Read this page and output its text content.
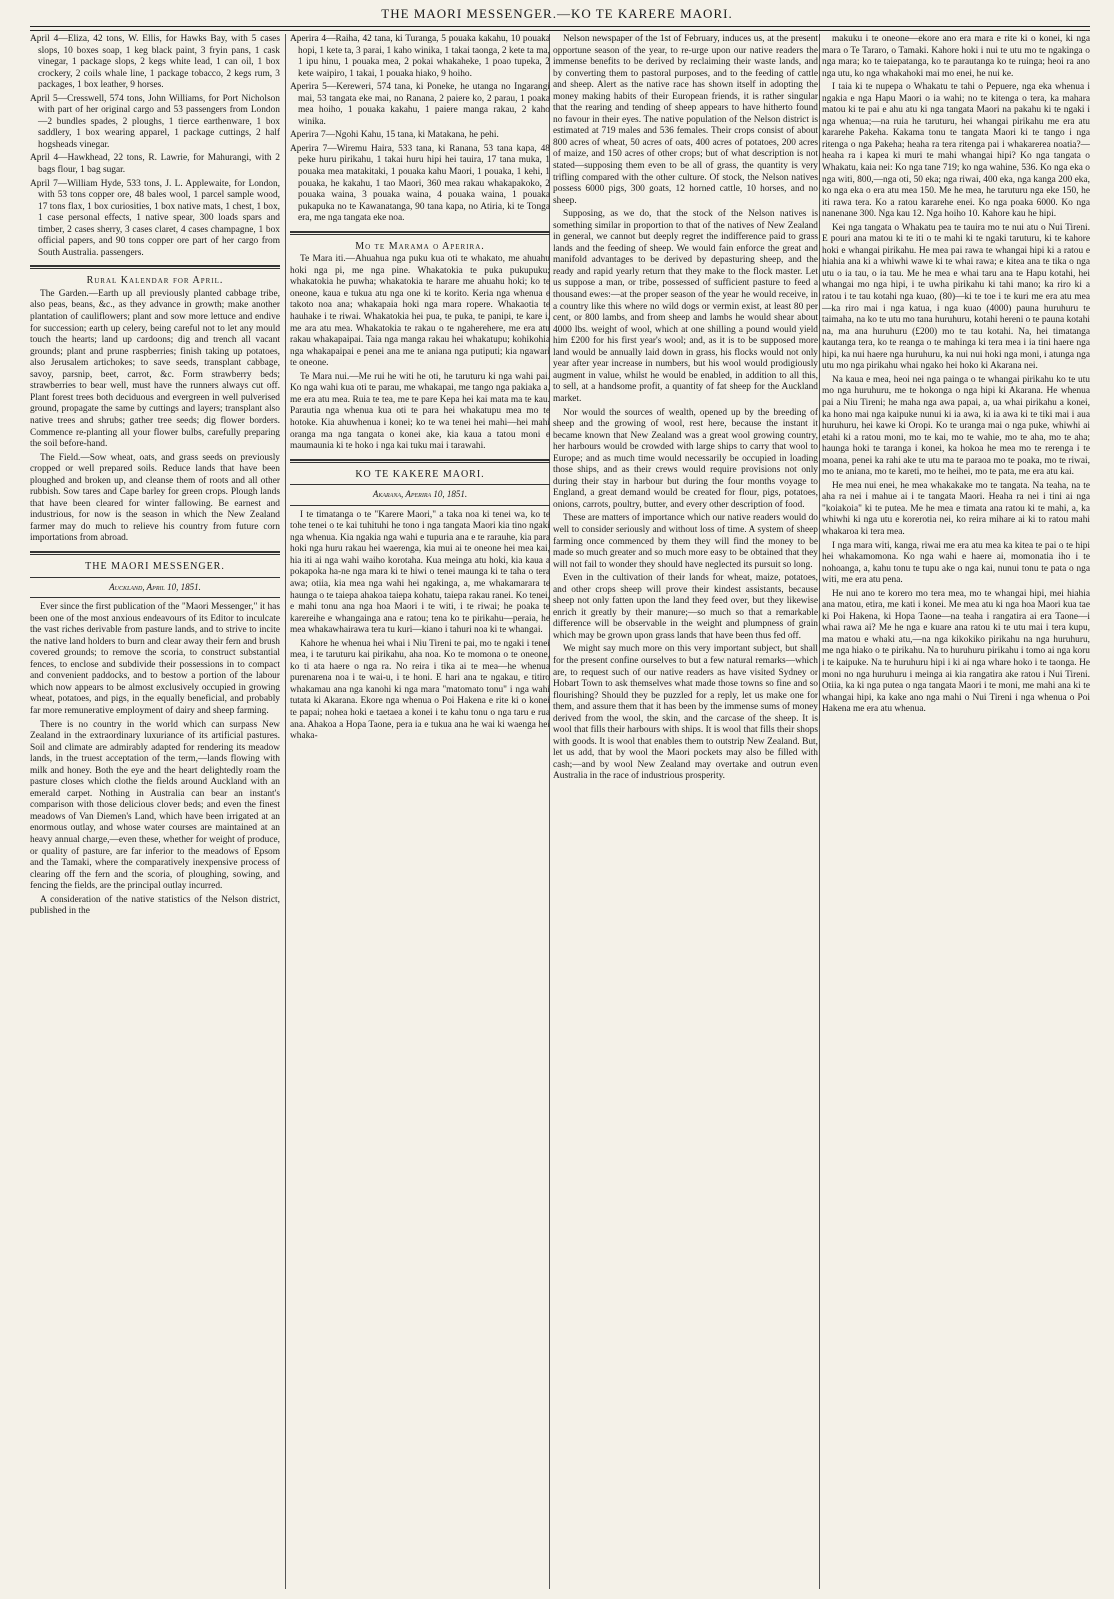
THE MAORI MESSENGER.—KO TE KARERE MAORI.

April 4—Eliza, 42 tons, W. Ellis, for Hawks Bay, with 5 cases slops, 10 boxes soap, 1 keg black paint, 3 fryin pans, 1 cask vinegar, 1 package slops, 2 kegs white lead, 1 can oil, 1 box crockery, 2 coils whale line, 1 package tobacco, 2 kegs rum, 3 packages, 1 box leather, 9 horses.

April 5—Cresswell, 574 tons, John Williams, for Port Nicholson with part of her original cargo and 53 passengers from London—2 bundles spades, 2 ploughs, 1 tierce earthenware, 1 box saddlery, 1 box wearing apparel, 1 package cuttings, 2 half hogsheads vinegar.

April 4—Hawkhead, 22 tons, R. Lawrie, for Mahurangi, with 2 bags flour, 1 bag sugar.

April 7—William Hyde, 533 tons, J. L. Applewaite, for London, with 53 tons copper ore, 48 bales wool, 1 parcel sample wood, 17 tons flax, 1 box curiosities, 1 box native mats, 1 chest, 1 box, 1 case personal effects, 1 native spear, 300 loads spars and timber, 2 cases sherry, 3 cases claret, 4 cases champagne, 1 box official papers, and 90 tons copper ore part of her cargo from South Australia. passengers.

Rural Kalendar for April.

The Garden.—Earth up all previously planted cabbage tribe, also peas, beans, &c., as they advance in growth; make another plantation of cauliflowers; plant and sow more lettuce and endive for succession; earth up celery, being careful not to let any mould touch the hearts; land up cardoons; dig and trench all vacant grounds; plant and prune raspberries; finish taking up potatoes, also Jerusalem artichokes; to save seeds, transplant cabbage, savoy, parsnip, beet, carrot, &c. Form strawberry beds; strawberries to bear well, must have the runners always cut off. Plant forest trees both deciduous and evergreen in well pulverised ground, propagate the same by cuttings and layers; transplant also native trees and shrubs; gather tree seeds; dig flower borders. Commence re-planting all your flower bulbs, carefully preparing the soil before-hand.

The Field.—Sow wheat, oats, and grass seeds on previously cropped or well prepared soils. Reduce lands that have been ploughed and broken up, and cleanse them of roots and all other rubbish. Sow tares and Cape barley for green crops. Plough lands that have been cleared for winter fallowing. Be earnest and industrious, for now is the season in which the New Zealand farmer may do much to relieve his country from future corn importations from abroad.

THE MAORI MESSENGER.

Auckland, April 10, 1851.

Ever since the first publication of the "Maori Messenger," it has been one of the most anxious endeavours of its Editor to inculcate the vast riches derivable from pasture lands, and to strive to incite the native land holders to burn and clear away their fern and brush covered grounds; to remove the scoria, to construct substantial fences, to enclose and subdivide their possessions in to compact and convenient paddocks, and to bestow a portion of the labour which now appears to be almost exclusively occupied in growing wheat, potatoes, and pigs, in the equally beneficial, and probably far more remunerative employment of dairy and sheep farming.

There is no country in the world which can surpass New Zealand in the extraordinary luxuriance of its artificial pastures. Soil and climate are admirably adapted for rendering its meadow lands, in the truest acceptation of the term,—lands flowing with milk and honey. Both the eye and the heart delightedly roam the pasture closes which clothe the fields around Auckland with an emerald carpet. Nothing in Australia can bear an instant's comparison with those delicious clover beds; and even the finest meadows of Van Diemen's Land, which have been irrigated at an enormous outlay, and whose water courses are maintained at an heavy annual charge,—even these, whether for weight of produce, or quality of pasture, are far inferior to the meadows of Epsom and the Tamaki, where the comparatively inexpensive process of clearing off the fern and the scoria, of ploughing, sowing, and fencing the fields, are the principal outlay incurred.

A consideration of the native statistics of the Nelson district, published in the

Aperira 4—Raiha, 42 tana, ki Turanga, 5 pouaka kakahu, 10 pouaka hopi, 1 kete ta, 3 parai, 1 kaho winika, 1 takai taonga, 2 kete ta ma, 1 ipu hinu, 1 pouaka mea, 2 pokai whakaheke, 1 poao tupeka, 2 kete waipiro, 1 takai, 1 pouaka hiako, 9 hoiho.

Aperira 5—Kereweri, 574 tana, ki Poneke, he utanga no Ingarangi mai, 53 tangata eke mai, no Ranana, 2 paiere ko, 2 parau, 1 poaka mea hoiho, 1 pouaka kakahu, 1 paiere manga rakau, 2 kaho winika.

Aperira 7—Ngohi Kahu, 15 tana, ki Matakana, he pehi.

Aperira 7—Wiremu Haira, 533 tana, ki Ranana, 53 tana kapa, 48 peke huru pirikahu, 1 takai huru hipi hei tauira, 17 tana muka, 1 pouaka mea matakitaki, 1 pouaka kahu Maori, 1 pouaka, 1 kehi, 1 pouaka, he kakahu, 1 tao Maori, 360 mea rakau whakapakoko, 2 pouaka waina, 3 pouaka waina, 4 pouaka waina, 1 pouaka pukapuka no te Kawanatanga, 90 tana kapa, no Atiria, ki te Tonga era, me nga tangata eke noa.

Mo te Marama o Aperira.

Te Mara iti.—Ahuahua nga puku kua oti te whakato, me ahuahu hoki nga pi, me nga pine. Whakatokia te puka pukupuku; whakatokia he puwha; whakatokia te harare me ahuahu hoki; ko te oneone, kaua e tukua atu nga one ki te korito. Keria nga whenua e takoto noa ana; whakapaia hoki nga mara ropere. Whakaotia te hauhake i te riwai. Whakatokia hei pua, te puka, te panipi, te kare i, me ara atu mea. Whakatokia te rakau o te ngaherehere, me era atu rakau whakapaipai. Taia nga manga rakau hei whakatupu; kohikohia nga whakapaipai e penei ana me te aniana nga putiputi; kia ngawari te oneone.

Te Mara nui.—Me rui he witi he oti, he taruturu ki nga wahi pai. Ko nga wahi kua oti te parau, me whakapai, me tango nga pakiaka a, me era atu mea. Ruia te tea, me te pare Kepa hei kai mata ma te kau. Parautia nga whenua kua oti te para hei whakatupu mea mo te hotoke. Kia ahuwhenua i konei; ko te wa tenei hei mahi—hei mahi oranga ma nga tangata o konei ake, kia kaua a tatou moni e maumaunia ki te hoko i nga kai tuku mai i tarawahi.

KO TE KAKERE MAORI.

Akarana, Aperira 10, 1851.

I te timatanga o te "Karere Maori," a taka noa ki tenei wa, ko te tohe tenei o te kai tuhituhi he tono i nga tangata Maori kia tino ngaki nga whenua. Kia ngakia nga wahi e tupuria ana e te rarauhe, kia para hoki nga huru rakau hei waerenga, kia mui ai te oneone hei mea kai, hia iti ai nga wahi waiho korotaha. Kua meinga atu hoki, kia kaua a pokapoka ha-ne nga mara ki te hiwi o tenei maunga ki te taha o tera awa; otiia, kia mea nga wahi hei ngakinga, a, me whakamarara te haunga o te taiepa ahakoa taiepa kohatu, taiepa rakau ranei. Ko tenei, e mahi tonu ana nga hoa Maori i te witi, i te riwai; he poaka te karereihe e whangainga ana e ratou; tena ko te pirikahu—peraia, he mea whakawhairawa tera tu kuri—kiano i tahuri noa ki te whangai.

Kahore he whenua hei whai i Niu Tireni te pai, mo te ngaki i tenei mea, i te taruturu kai pirikahu, aha noa. Ko te momona o te oneone, ko ti ata haere o nga ra. No reira i tika ai te mea—he whenua purenarena noa i te wai-u, i te honi. E hari ana te ngakau, e titiro whakamau ana nga kanohi ki nga mara "matomato tonu" i nga wahi tutata ki Akarana. Ekore nga whenua o Poi Hakena e rite ki o konei te papai; nohea hoki e taetaea a konei i te kahu tonu o nga taru e rua ana. Ahakoa a Hopa Taone, pera ia e tukua ana he wai ki waenga hei whaka-

Nelson newspaper of the 1st of February, induces us, at the present opportune season of the year, to re-urge upon our native readers the immense benefits to be derived by reclaiming their waste lands, and by converting them to pastoral purposes, and to the feeding of cattle and sheep. Alert as the native race has shown itself in adopting the money making habits of their European friends, it is rather singular that the rearing and tending of sheep appears to have hitherto found no favour in their eyes. The native population of the Nelson district is estimated at 719 males and 536 females. Their crops consist of about 800 acres of wheat, 50 acres of oats, 400 acres of potatoes, 200 acres of maize, and 150 acres of other crops; but of what description is not stated—supposing them even to be all of grass, the quantity is very trifling compared with the other culture. Of stock, the Nelson natives possess 6000 pigs, 300 goats, 12 horned cattle, 10 horses, and no sheep.

Supposing, as we do, that the stock of the Nelson natives is something similar in proportion to that of the natives of New Zealand in general, we cannot but deeply regret the indifference paid to grass lands and the feeding of sheep. We would fain enforce the great and manifold advantages to be derived by depasturing sheep, and the ready and rapid yearly return that they make to the flock master. Let us suppose a man, or tribe, possessed of sufficient pasture to feed a thousand ewes:—at the proper season of the year he would receive, in a country like this where no wild dogs or vermin exist, at least 80 per cent, or 800 lambs, and from sheep and lambs he would shear about 4000 lbs. weight of wool, which at one shilling a pound would yield him £200 for his first year's wool; and, as it is to be supposed more land would be annually laid down in grass, his flocks would not only year after year increase in numbers, but his wool would prodigiously augment in value, whilst he would be enabled, in addition to all this, to sell, at a handsome profit, a quantity of fat sheep for the Auckland market.

Nor would the sources of wealth, opened up by the breeding of sheep and the growing of wool, rest here, because the instant it became known that New Zealand was a great wool growing country, her harbours would be crowded with large ships to carry that wool to Europe; and as much time would necessarily be occupied in loading those ships, and as their crews would require provisions not only during their stay in harbour but during the four months voyage to England, a great demand would be created for flour, pigs, potatoes, onions, carrots, poultry, butter, and every other description of food.

These are matters of importance which our native readers would do well to consider seriously and without loss of time. A system of sheep farming once commenced by them they will find the money to be made so much greater and so much more easy to be obtained that they will not fail to wonder they should have neglected its pursuit so long.

Even in the cultivation of their lands for wheat, maize, potatoes, and other crops sheep will prove their kindest assistants, because sheep not only fatten upon the land they feed over, but they likewise enrich it greatly by their manure;—so much so that a remarkable difference will be observable in the weight and plumpness of grain which may be grown upon grass lands that have been thus fed off.

We might say much more on this very important subject, but shall for the present confine ourselves to but a few natural remarks—which are, to request such of our native readers as have visited Sydney or Hobart Town to ask themselves what made those towns so fine and so flourishing? Should they be puzzled for a reply, let us make one for them, and assure them that it has been by the immense sums of money derived from the wool, the skin, and the carcase of the sheep. It is wool that fills their harbours with ships. It is wool that fills their shops with goods. It is wool that enables them to outstrip New Zealand. But, let us add, that by wool the Maori pockets may also be filled with cash;—and by wool New Zealand may overtake and outrun even Australia in the race of industrious prosperity.

makuku i te oneone—ekore ano era mara e rite ki o konei, ki nga mara o Te Tararo, o Tamaki. Kahore hoki i nui te utu mo te ngakinga o nga mara; ko te taiepatanga, ko te parautanga ko te ruinga; heoi ra ano nga utu, ko nga whakahoki mai mo enei, he nui ke.

I taia ki te nupepa o Whakatu te tahi o Pepuere, nga eka whenua i ngakia e nga Hapu Maori o ia wahi; no te kitenga o tera, ka mahara matou ki te pai e ahu atu ki nga tangata Maori na pakahu ki te ngaki i nga whenua;—na ruia he taruturu, hei whangai pirikahu me era atu kararehe Pakeha. Kakama tonu te tangata Maori ki te tango i nga ritenga o nga Pakeha; heaha ra tera ritenga pai i whakarerea noatia?—heaha ra i kapea ki muri te mahi whangai hipi? Ko nga tangata o Whakatu, kaia nei: Ko nga tane 719; ko nga wahine, 536. Ko nga eka o nga witi, 800,—nga oti, 50 eka; nga riwai, 400 eka, nga kanga 200 eka, ko nga eka o era atu mea 150. Me he mea, he taruturu nga eke 150, he iti rawa tera. Ko a ratou kararehe enei. Ko nga poaka 6000. Ko nga nanenane 300. Nga kau 12. Nga hoiho 10. Kahore kau he hipi.

Kei nga tangata o Whakatu pea te tauira mo te nui atu o Nui Tireni. E pouri ana matou ki te iti o te mahi ki te ngaki taruturu, ki te kahore hoki e whangai pirikahu. He mea pai rawa te whangai hipi ki a ratou e hiahia ana ki a whiwhi wawe ki te whai rawa; e kitea ana te tika o nga utu o ia tau, o ia tau. Me he mea e whai taru ana te Hapu kotahi, hei whangai mo nga hipi, i te uwha pirikahu ki tahi mano; ka riro ki a ratou i te tau kotahi nga kuao, (80)—ki te toe i te kuri me era atu mea—ka riro mai i nga katua, i nga kuao (4000) pauna huruhuru te taimaha, na ko te utu mo tana huruhuru, kotahi hereni o te pauna kotahi na, ma ana huruhuru (£200) mo te tau kotahi. Na, hei timatanga kautanga tera, ko te reanga o te mahinga ki tera mea i ia tini haere nga hipi, ka nui haere nga huruhuru, ka nui nui hoki nga moni, i atunga nga utu mo nga pirikahu whai ngako hei hoko ki Akarana nei.

Na kaua e mea, heoi nei nga painga o te whangai pirikahu ko te utu mo nga huruhuru, me te hokonga o nga hipi ki Akarana. He whenua pai a Niu Tireni; he maha nga awa papai, a, ua whai pirikahu a konei, ka hono mai nga kaipuke nunui ki ia awa, ki ia awa ki te tiki mai i aua huruhuru, hei kawe ki Oropi. Ko te uranga mai o nga puke, whiwhi ai etahi ki a ratou moni, mo te kai, mo te wahie, mo te aha, mo te aha; haunga hoki te taranga i konei, ka hokoa he mea mo te rerenga i te moana, penei ka rahi ake te utu ma te paraoa mo te poaka, mo te riwai, mo te aniana, mo te kareti, mo te heihei, mo te pata, me era atu kai.

He mea nui enei, he mea whakakake mo te tangata. Na teaha, na te aha ra nei i mahue ai i te tangata Maori. Heaha ra nei i tini ai nga "koiakoia" ki te putea. Me he mea e timata ana ratou ki te mahi, a, ka whiwhi ki nga utu e korerotia nei, ko reira mihare ai ki to ratou mahi whakaroa ki tera mea.

I nga mara witi, kanga, riwai me era atu mea ka kitea te pai o te hipi hei whakamomona. Ko nga wahi e haere ai, momonatia iho i te nohoanga, a, kahu tonu te tupu ake o nga kai, nunui tonu te pata o nga witi, me era atu pena.

He nui ano te korero mo tera mea, mo te whangai hipi, mei hiahia ana matou, etira, me kati i konei. Me mea atu ki nga hoa Maori kua tae ki Poi Hakena, ki Hopa Taone—na teaha i rangatira ai era Taone—i whai rawa ai? Me he nga e kuare ana ratou ki te utu mai i tera kupu, ma matou e whaki atu,—na nga kikokiko pirikahu na nga huruhuru, me nga hiako o te pirikahu. Na to huruhuru pirikahu i tomo ai nga koru i te kaipuke. Na te huruhuru hipi i ki ai nga whare hoko i te taonga. He moni no nga huruhuru i meinga ai kia rangatira ake ratou i Nui Tireni. Otiia, ka ki nga putea o nga tangata Maori i te moni, me mahi ana ki te whangai hipi, ka kake ano nga mahi o Nui Tireni i nga whenua o Poi Hakena me era atu whenua.
